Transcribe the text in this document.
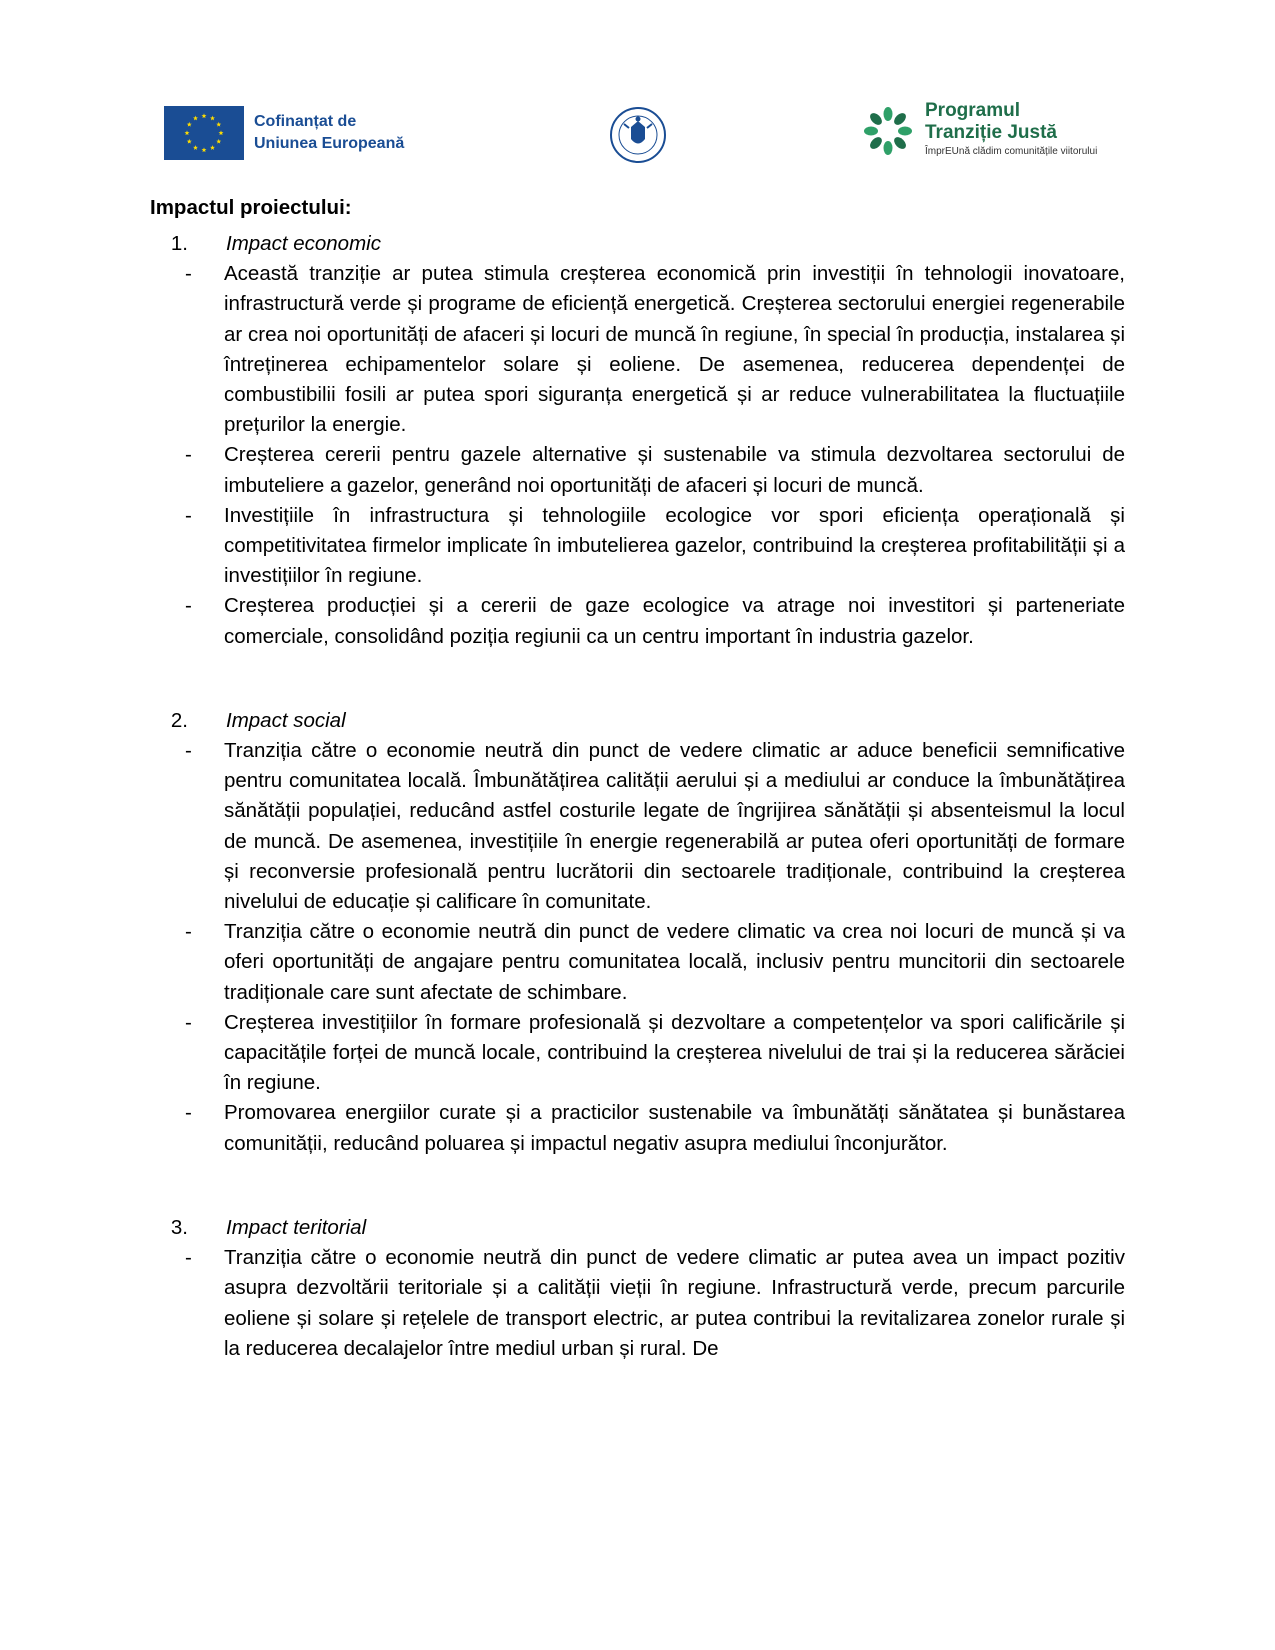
Cofinanțat de
Uniunea Europeană
Programul
Tranziție Justă
ÎmprEUnă clădim comunitățile viitorului
Impactul proiectului:
1.	Impact economic
-	Această tranziție ar putea stimula creșterea economică prin investiții în tehnologii inovatoare, infrastructură verde și programe de eficiență energetică. Creșterea sectorului energiei regenerabile ar crea noi oportunități de afaceri și locuri de muncă în regiune, în special în producția, instalarea și întreținerea echipamentelor solare și eoliene. De asemenea, reducerea dependenței de combustibilii fosili ar putea spori siguranța energetică și ar reduce vulnerabilitatea la fluctuațiile prețurilor la energie.
-	Creșterea cererii pentru gazele alternative și sustenabile va stimula dezvoltarea sectorului de imbuteliere a gazelor, generând noi oportunități de afaceri și locuri de muncă.
-	Investițiile în infrastructura și tehnologiile ecologice vor spori eficiența operațională și competitivitatea firmelor implicate în imbutelierea gazelor, contribuind la creșterea profitabilității și a investițiilor în regiune.
-	Creșterea producției și a cererii de gaze ecologice va atrage noi investitori și parteneriate comerciale, consolidând poziția regiunii ca un centru important în industria gazelor.
2.	Impact social
-	Tranziția către o economie neutră din punct de vedere climatic ar aduce beneficii semnificative pentru comunitatea locală. Îmbunătățirea calității aerului și a mediului ar conduce la îmbunătățirea sănătății populației, reducând astfel costurile legate de îngrijirea sănătății și absenteismul la locul de muncă. De asemenea, investițiile în energie regenerabilă ar putea oferi oportunități de formare și reconversie profesională pentru lucrătorii din sectoarele tradiționale, contribuind la creșterea nivelului de educație și calificare în comunitate.
-	Tranziția către o economie neutră din punct de vedere climatic va crea noi locuri de muncă și va oferi oportunități de angajare pentru comunitatea locală, inclusiv pentru muncitorii din sectoarele tradiționale care sunt afectate de schimbare.
-	Creșterea investițiilor în formare profesională și dezvoltare a competențelor va spori calificările și capacitățile forței de muncă locale, contribuind la creșterea nivelului de trai și la reducerea sărăciei în regiune.
-	Promovarea energiilor curate și a practicilor sustenabile va îmbunătăți sănătatea și bunăstarea comunității, reducând poluarea și impactul negativ asupra mediului înconjurător.
3.	Impact teritorial
-	Tranziția către o economie neutră din punct de vedere climatic ar putea avea un impact pozitiv asupra dezvoltării teritoriale și a calității vieții în regiune. Infrastructură verde, precum parcurile eoliene și solare și rețelele de transport electric, ar putea contribui la revitalizarea zonelor rurale și la reducerea decalajelor între mediul urban și rural. De
